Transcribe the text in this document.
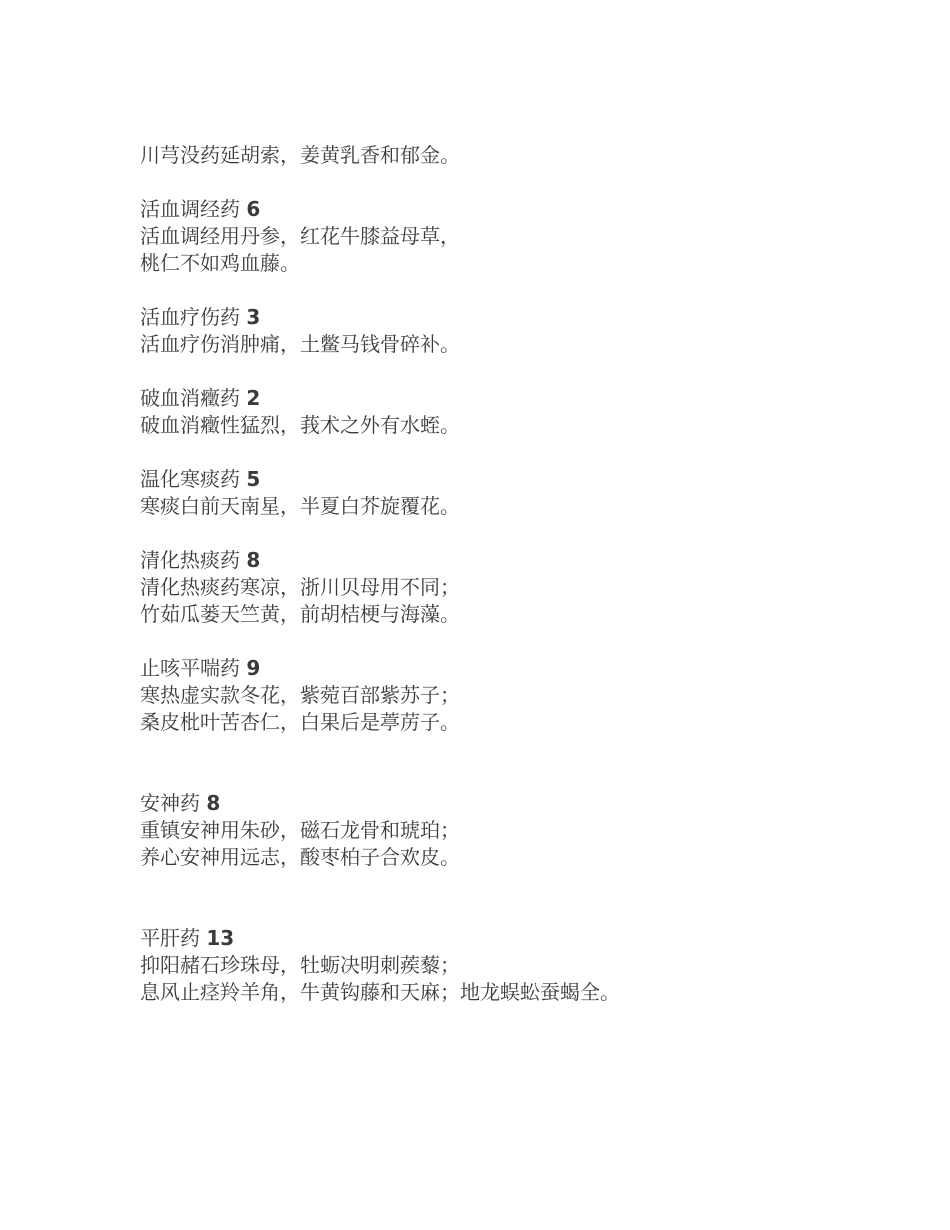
川芎没药延胡索，姜黄乳香和郁金。

活血调经药 6

活血调经用丹参，红花牛膝益母草，

桃仁不如鸡血藤。

活血疗伤药 3

活血疗伤消肿痛，土鳖马钱骨碎补。

破血消癥药 2

破血消癥性猛烈，莪术之外有水蛭。

温化寒痰药 5

寒痰白前天南星，半夏白芥旋覆花。

清化热痰药 8

清化热痰药寒凉，浙川贝母用不同；

竹茹瓜蒌天竺黄，前胡桔梗与海藻。

止咳平喘药 9

寒热虚实款冬花，紫菀百部紫苏子；

桑皮枇叶苦杏仁，白果后是葶苈子。

安神药 8

重镇安神用朱砂，磁石龙骨和琥珀；

养心安神用远志，酸枣柏子合欢皮。

平肝药 13

抑阳赭石珍珠母，牡蛎决明刺蒺藜；

息风止痉羚羊角，牛黄钩藤和天麻；地龙蜈蚣蚕蝎全。
